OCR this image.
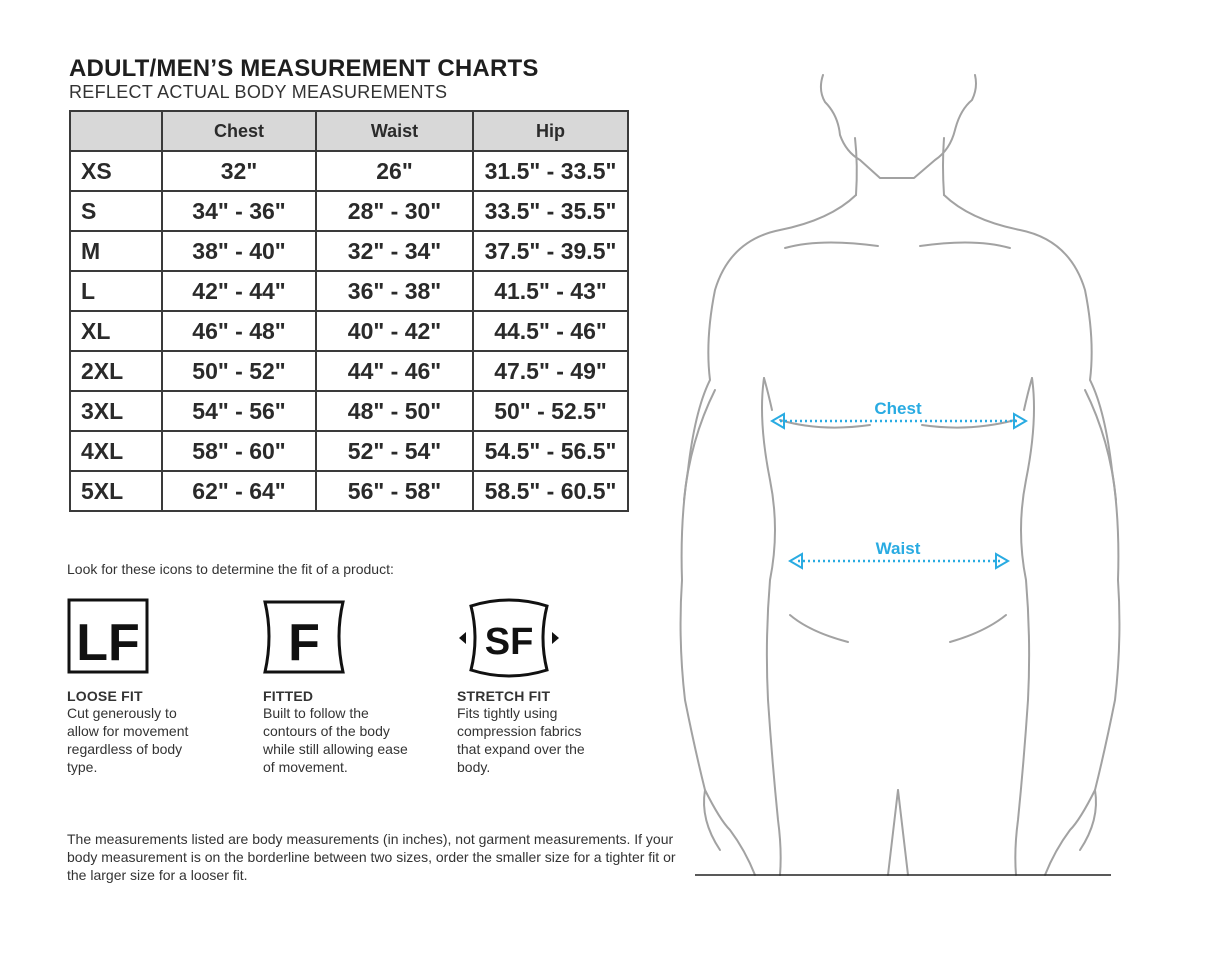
ADULT/MEN’S MEASUREMENT CHARTS
REFLECT ACTUAL BODY MEASUREMENTS
	Chest	Waist	Hip
XS	32"	26"	31.5" - 33.5"
S	34" - 36"	28" - 30"	33.5" - 35.5"
M	38" - 40"	32" - 34"	37.5" - 39.5"
L	42" - 44"	36" - 38"	41.5" - 43"
XL	46" - 48"	40" - 42"	44.5" - 46"
2XL	50" - 52"	44" - 46"	47.5" - 49"
3XL	54" - 56"	48" - 50"	50" - 52.5"
4XL	58" - 60"	52" - 54"	54.5" - 56.5"
5XL	62" - 64"	56" - 58"	58.5" - 60.5"
Look for these icons to determine the fit of a product:
LF
LOOSE FIT
Cut generously to allow for movement regardless of body type.
F
FITTED
Built to follow the contours of the body while still allowing ease of movement.
SF
STRETCH FIT
Fits tightly using compression fabrics that expand over the body.
The measurements listed are body measurements (in inches), not garment measurements. If your body measurement is on the borderline between two sizes, order the smaller size for a tighter fit or the larger size for a looser fit.
Chest
Waist
